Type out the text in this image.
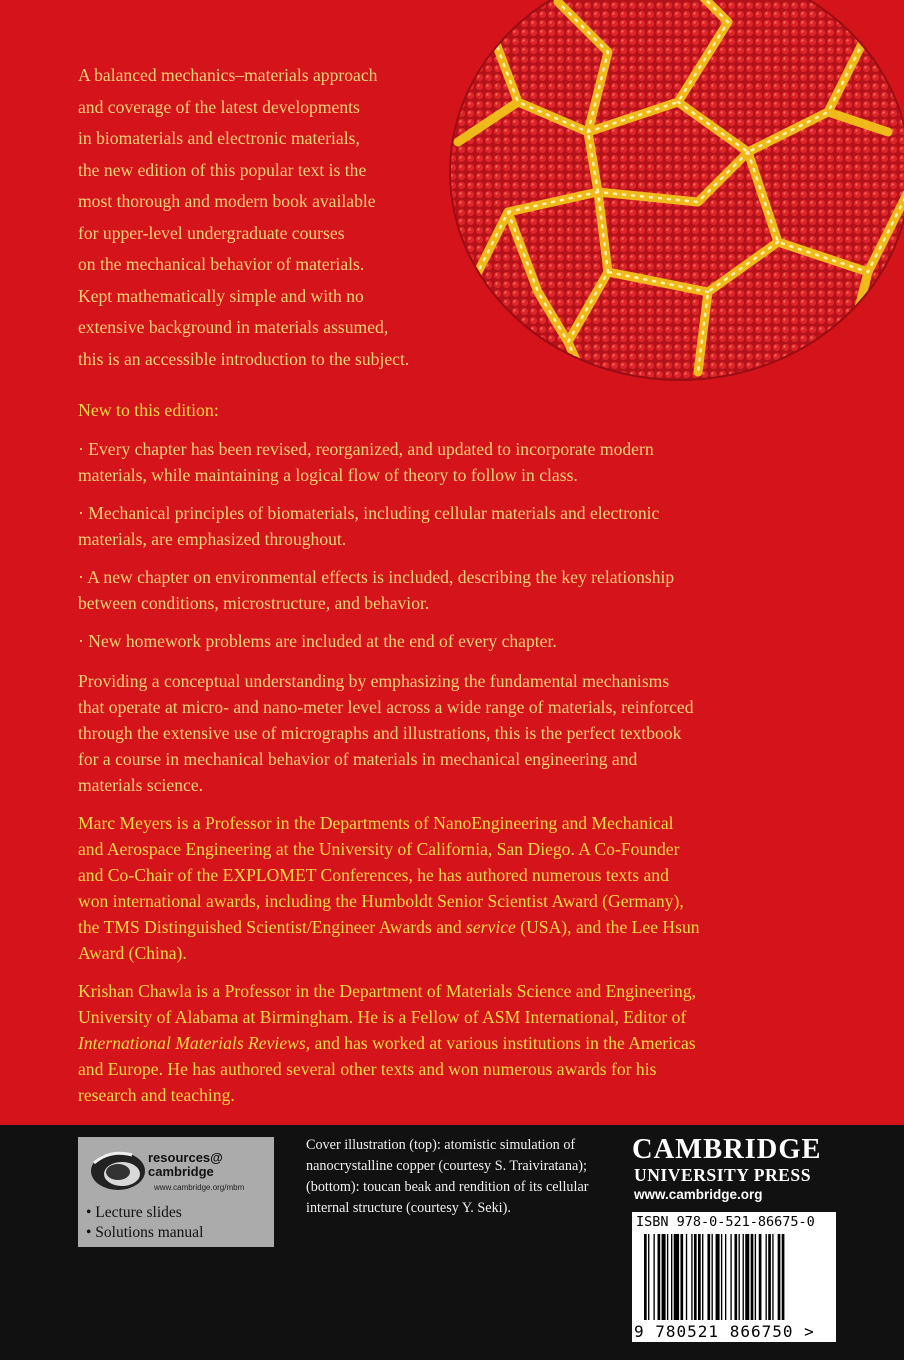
A balanced mechanics–materials approach
and coverage of the latest developments
in biomaterials and electronic materials,
the new edition of this popular text is the
most thorough and modern book available
for upper-level undergraduate courses
on the mechanical behavior of materials.
Kept mathematically simple and with no
extensive background in materials assumed,
this is an accessible introduction to the subject.
New to this edition:
· Every chapter has been revised, reorganized, and updated to incorporate modern
materials, while maintaining a logical flow of theory to follow in class.
· Mechanical principles of biomaterials, including cellular materials and electronic
materials, are emphasized throughout.
· A new chapter on environmental effects is included, describing the key relationship
between conditions, microstructure, and behavior.
· New homework problems are included at the end of every chapter.
Providing a conceptual understanding by emphasizing the fundamental mechanisms
that operate at micro- and nano-meter level across a wide range of materials, reinforced
through the extensive use of micrographs and illustrations, this is the perfect textbook
for a course in mechanical behavior of materials in mechanical engineering and
materials science.
Marc Meyers is a Professor in the Departments of NanoEngineering and Mechanical
and Aerospace Engineering at the University of California, San Diego. A Co-Founder
and Co-Chair of the EXPLOMET Conferences, he has authored numerous texts and
won international awards, including the Humboldt Senior Scientist Award (Germany),
the TMS Distinguished Scientist/Engineer Awards and service (USA), and the Lee Hsun
Award (China).
Krishan Chawla is a Professor in the Department of Materials Science and Engineering,
University of Alabama at Birmingham. He is a Fellow of ASM International, Editor of
International Materials Reviews, and has worked at various institutions in the Americas
and Europe. He has authored several other texts and won numerous awards for his
research and teaching.
resources@
cambridge
www.cambridge.org/mbm
• Lecture slides
• Solutions manual
Cover illustration (top): atomistic simulation of
nanocrystalline copper (courtesy S. Traiviratana);
(bottom): toucan beak and rendition of its cellular
internal structure (courtesy Y. Seki).
CAMBRIDGE
UNIVERSITY PRESS
www.cambridge.org
ISBN 978-0-521-86675-0
9 780521 866750 >
